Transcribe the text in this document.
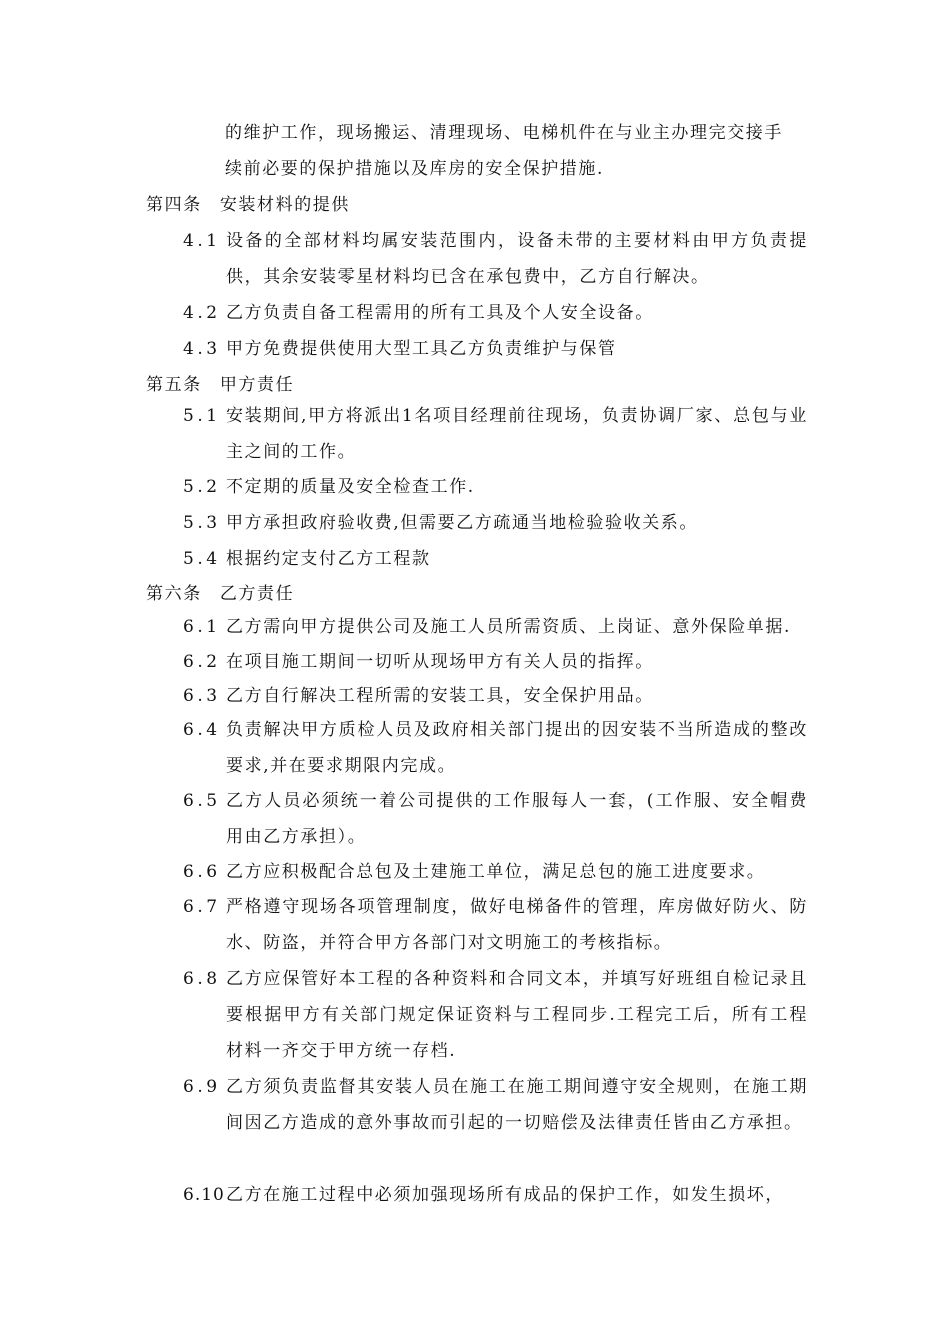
的维护工作，现场搬运、清理现场、电梯机件在与业主办理完交接手
续前必要的保护措施以及库房的安全保护措施.
第四条 安装材料的提供
4.1 设备的全部材料均属安装范围内，设备未带的主要材料由甲方负责提供，其余安装零星材料均已含在承包费中，乙方自行解决。
4.2 乙方负责自备工程需用的所有工具及个人安全设备。
4.3 甲方免费提供使用大型工具乙方负责维护与保管
第五条 甲方责任
5.1 安装期间,甲方将派出1名项目经理前往现场，负责协调厂家、总包与业主之间的工作。
5.2 不定期的质量及安全检查工作.
5.3 甲方承担政府验收费,但需要乙方疏通当地检验验收关系。
5.4 根据约定支付乙方工程款
第六条 乙方责任
6.1 乙方需向甲方提供公司及施工人员所需资质、上岗证、意外保险单据.
6.2 在项目施工期间一切听从现场甲方有关人员的指挥。
6.3 乙方自行解决工程所需的安装工具，安全保护用品。
6.4 负责解决甲方质检人员及政府相关部门提出的因安装不当所造成的整改要求,并在要求期限内完成。
6.5 乙方人员必须统一着公司提供的工作服每人一套，(工作服、安全帽费用由乙方承担）。
6.6 乙方应积极配合总包及土建施工单位，满足总包的施工进度要求。
6.7 严格遵守现场各项管理制度，做好电梯备件的管理，库房做好防火、防水、防盗，并符合甲方各部门对文明施工的考核指标。
6.8 乙方应保管好本工程的各种资料和合同文本，并填写好班组自检记录且要根据甲方有关部门规定保证资料与工程同步.工程完工后，所有工程材料一齐交于甲方统一存档.
6.9 乙方须负责监督其安装人员在施工在施工期间遵守安全规则，在施工期间因乙方造成的意外事故而引起的一切赔偿及法律责任皆由乙方承担。
6.10 乙方在施工过程中必须加强现场所有成品的保护工作，如发生损坏，
